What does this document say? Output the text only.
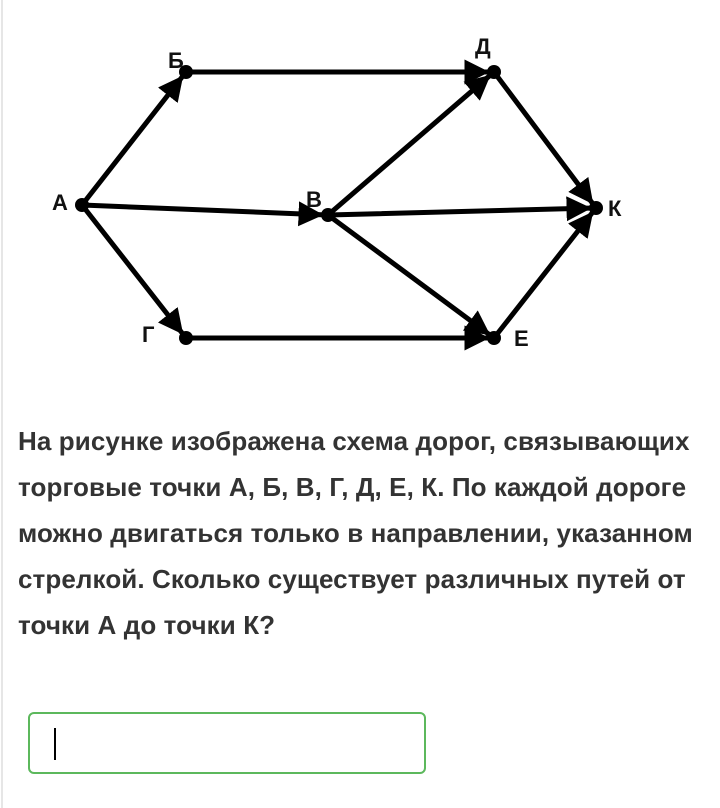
А
Б
В
Г
Д
Е
К

На рисунке изображена схема дорог, связывающих торговые точки А, Б, В, Г, Д, Е, К. По каждой дороге можно двигаться только в направлении, указанном стрелкой. Сколько существует различных путей от точки А до точки К?
